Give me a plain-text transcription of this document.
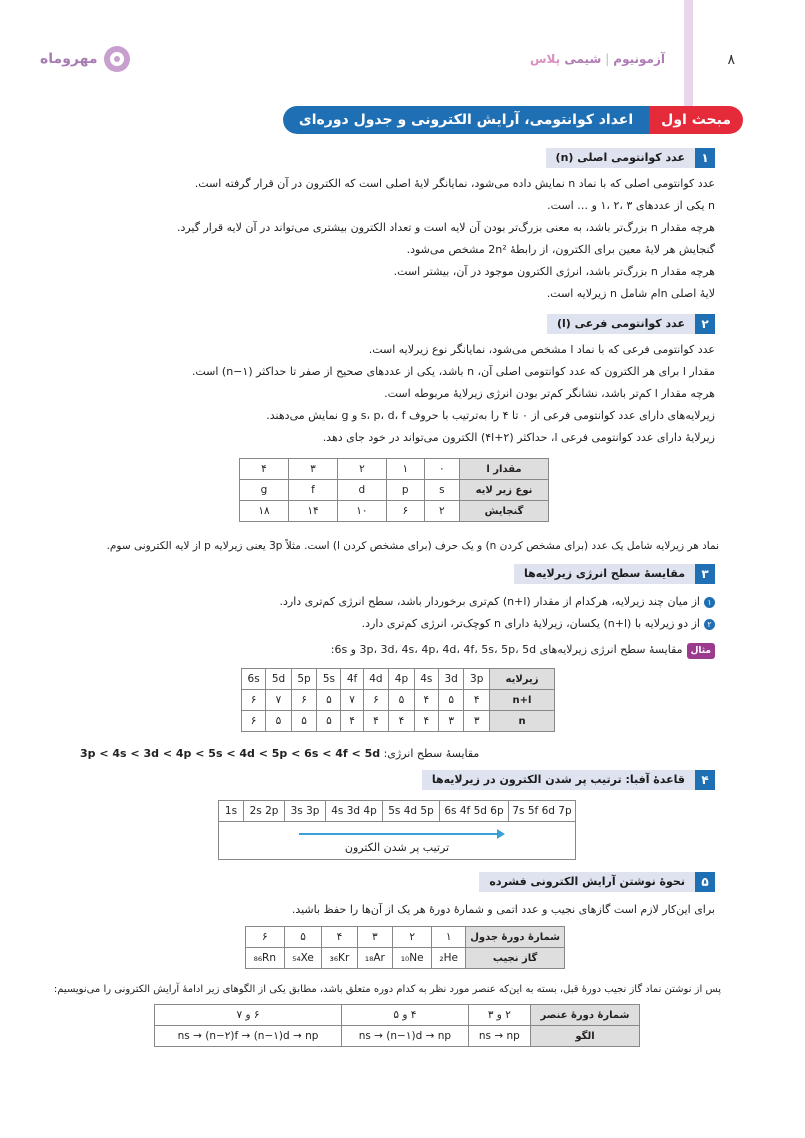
۸
آزمونیوم|شیمی پلاس
مهروماه
مبحث اول
اعداد کوانتومی، آرایش الکترونی و جدول دوره‌ای
۱
عدد کوانتومی اصلی (n)
عدد کوانتومی اصلی که با نماد n نمایش داده می‌شود، نمایانگر لایهٔ اصلی است که الکترون در آن قرار گرفته است.
n یکی از عددهای ۳ ،۲ ،۱ و … است.
هرچه مقدار n بزرگ‌تر باشد، به معنی بزرگ‌تر بودن آن لایه است و تعداد الکترون بیشتری می‌تواند در آن لایه قرار گیرد.
گنجایش هر لایهٔ معین برای الکترون، از رابطهٔ 2n² مشخص می‌شود.
هرچه مقدار n بزرگ‌تر باشد، انرژی الکترون موجود در آن، بیشتر است.
لایهٔ اصلی nام شامل n زیرلایه است.
۲
عدد کوانتومی فرعی (l)
عدد کوانتومی فرعی که با نماد l مشخص می‌شود، نمایانگر نوع زیرلایه است.
مقدار l برای هر الکترون که عدد کوانتومی اصلی آن، n باشد، یکی از عددهای صحیح از صفر تا حداکثر (n−۱) است.
هرچه مقدار l کم‌تر باشد، نشانگر کم‌تر بودن انرژی زیرلایهٔ مربوطه است.
زیرلایه‌های دارای عدد کوانتومی فرعی از ۰ تا ۴ را به‌ترتیب با حروف s، p، d، f و g نمایش می‌دهند.
زیرلایهٔ دارای عدد کوانتومی فرعی l، حداکثر (۴l+۲) الکترون می‌تواند در خود جای دهد.
مقدار l	۰	۱	۲	۳	۴
نوع زیر لایه	s	p	d	f	g
گنجایش	۲	۶	۱۰	۱۴	۱۸
نماد هر زیرلایه شامل یک عدد (برای مشخص کردن n) و یک حرف (برای مشخص کردن l) است. مثلاً 3p یعنی زیرلایه p از لایه الکترونی سوم.
۳
مقایسهٔ سطح انرژی زیرلایه‌ها
۱از میان چند زیرلایه، هرکدام از مقدار (n+l) کم‌تری برخوردار باشد، سطح انرژی کم‌تری دارد.
۲از دو زیرلایه با (n+l) یکسان، زیرلایهٔ دارای n کوچک‌تر، انرژی کم‌تری دارد.
مثالمقایسهٔ سطح انرژی زیرلایه‌های 3p، 3d، 4s، 4p، 4d، 4f، 5s، 5p، 5d و 6s:
زیرلایه	3p	3d	4s	4p	4d	4f	5s	5p	5d	6s
n+l	۴	۵	۴	۵	۶	۷	۵	۶	۷	۶
n	۳	۳	۴	۴	۴	۴	۵	۵	۵	۶
مقایسهٔ سطح انرژی: 3p < 4s < 3d < 4p < 5s < 4d < 5p < 6s < 4f < 5d
۴
قاعدهٔ آفبا: ترتیب پر شدن الکترون در زیرلایه‌ها
1s	2s 2p	3s 3p	4s 3d 4p	5s 4d 5p	6s 4f 5d 6p 7s 5f 6d 7p
ترتیب پر شدن الکترون
۵
نحوهٔ نوشتن آرایش الکترونی فشرده
برای این‌کار لازم است گازهای نجیب و عدد اتمی و شمارهٔ دورهٔ هر یک از آن‌ها را حفظ باشید.
شمارهٔ دورهٔ جدول	۱	۲	۳	۴	۵	۶
گاز نجیب	₂He	₁₀Ne	₁₈Ar	₃₆Kr	₅₄Xe	₈₆Rn
پس از نوشتن نماد گاز نجیب دورهٔ قبل، بسته به این‌که عنصر مورد نظر به کدام دوره متعلق باشد، مطابق یکی از الگوهای زیر ادامهٔ آرایش الکترونی را می‌نویسیم:
شمارهٔ دورهٔ عنصر	۲ و ۳	۴ و ۵	۶ و ۷
الگو	ns → np	ns → (n−۱)d → np	ns → (n−۲)f → (n−۱)d → np
